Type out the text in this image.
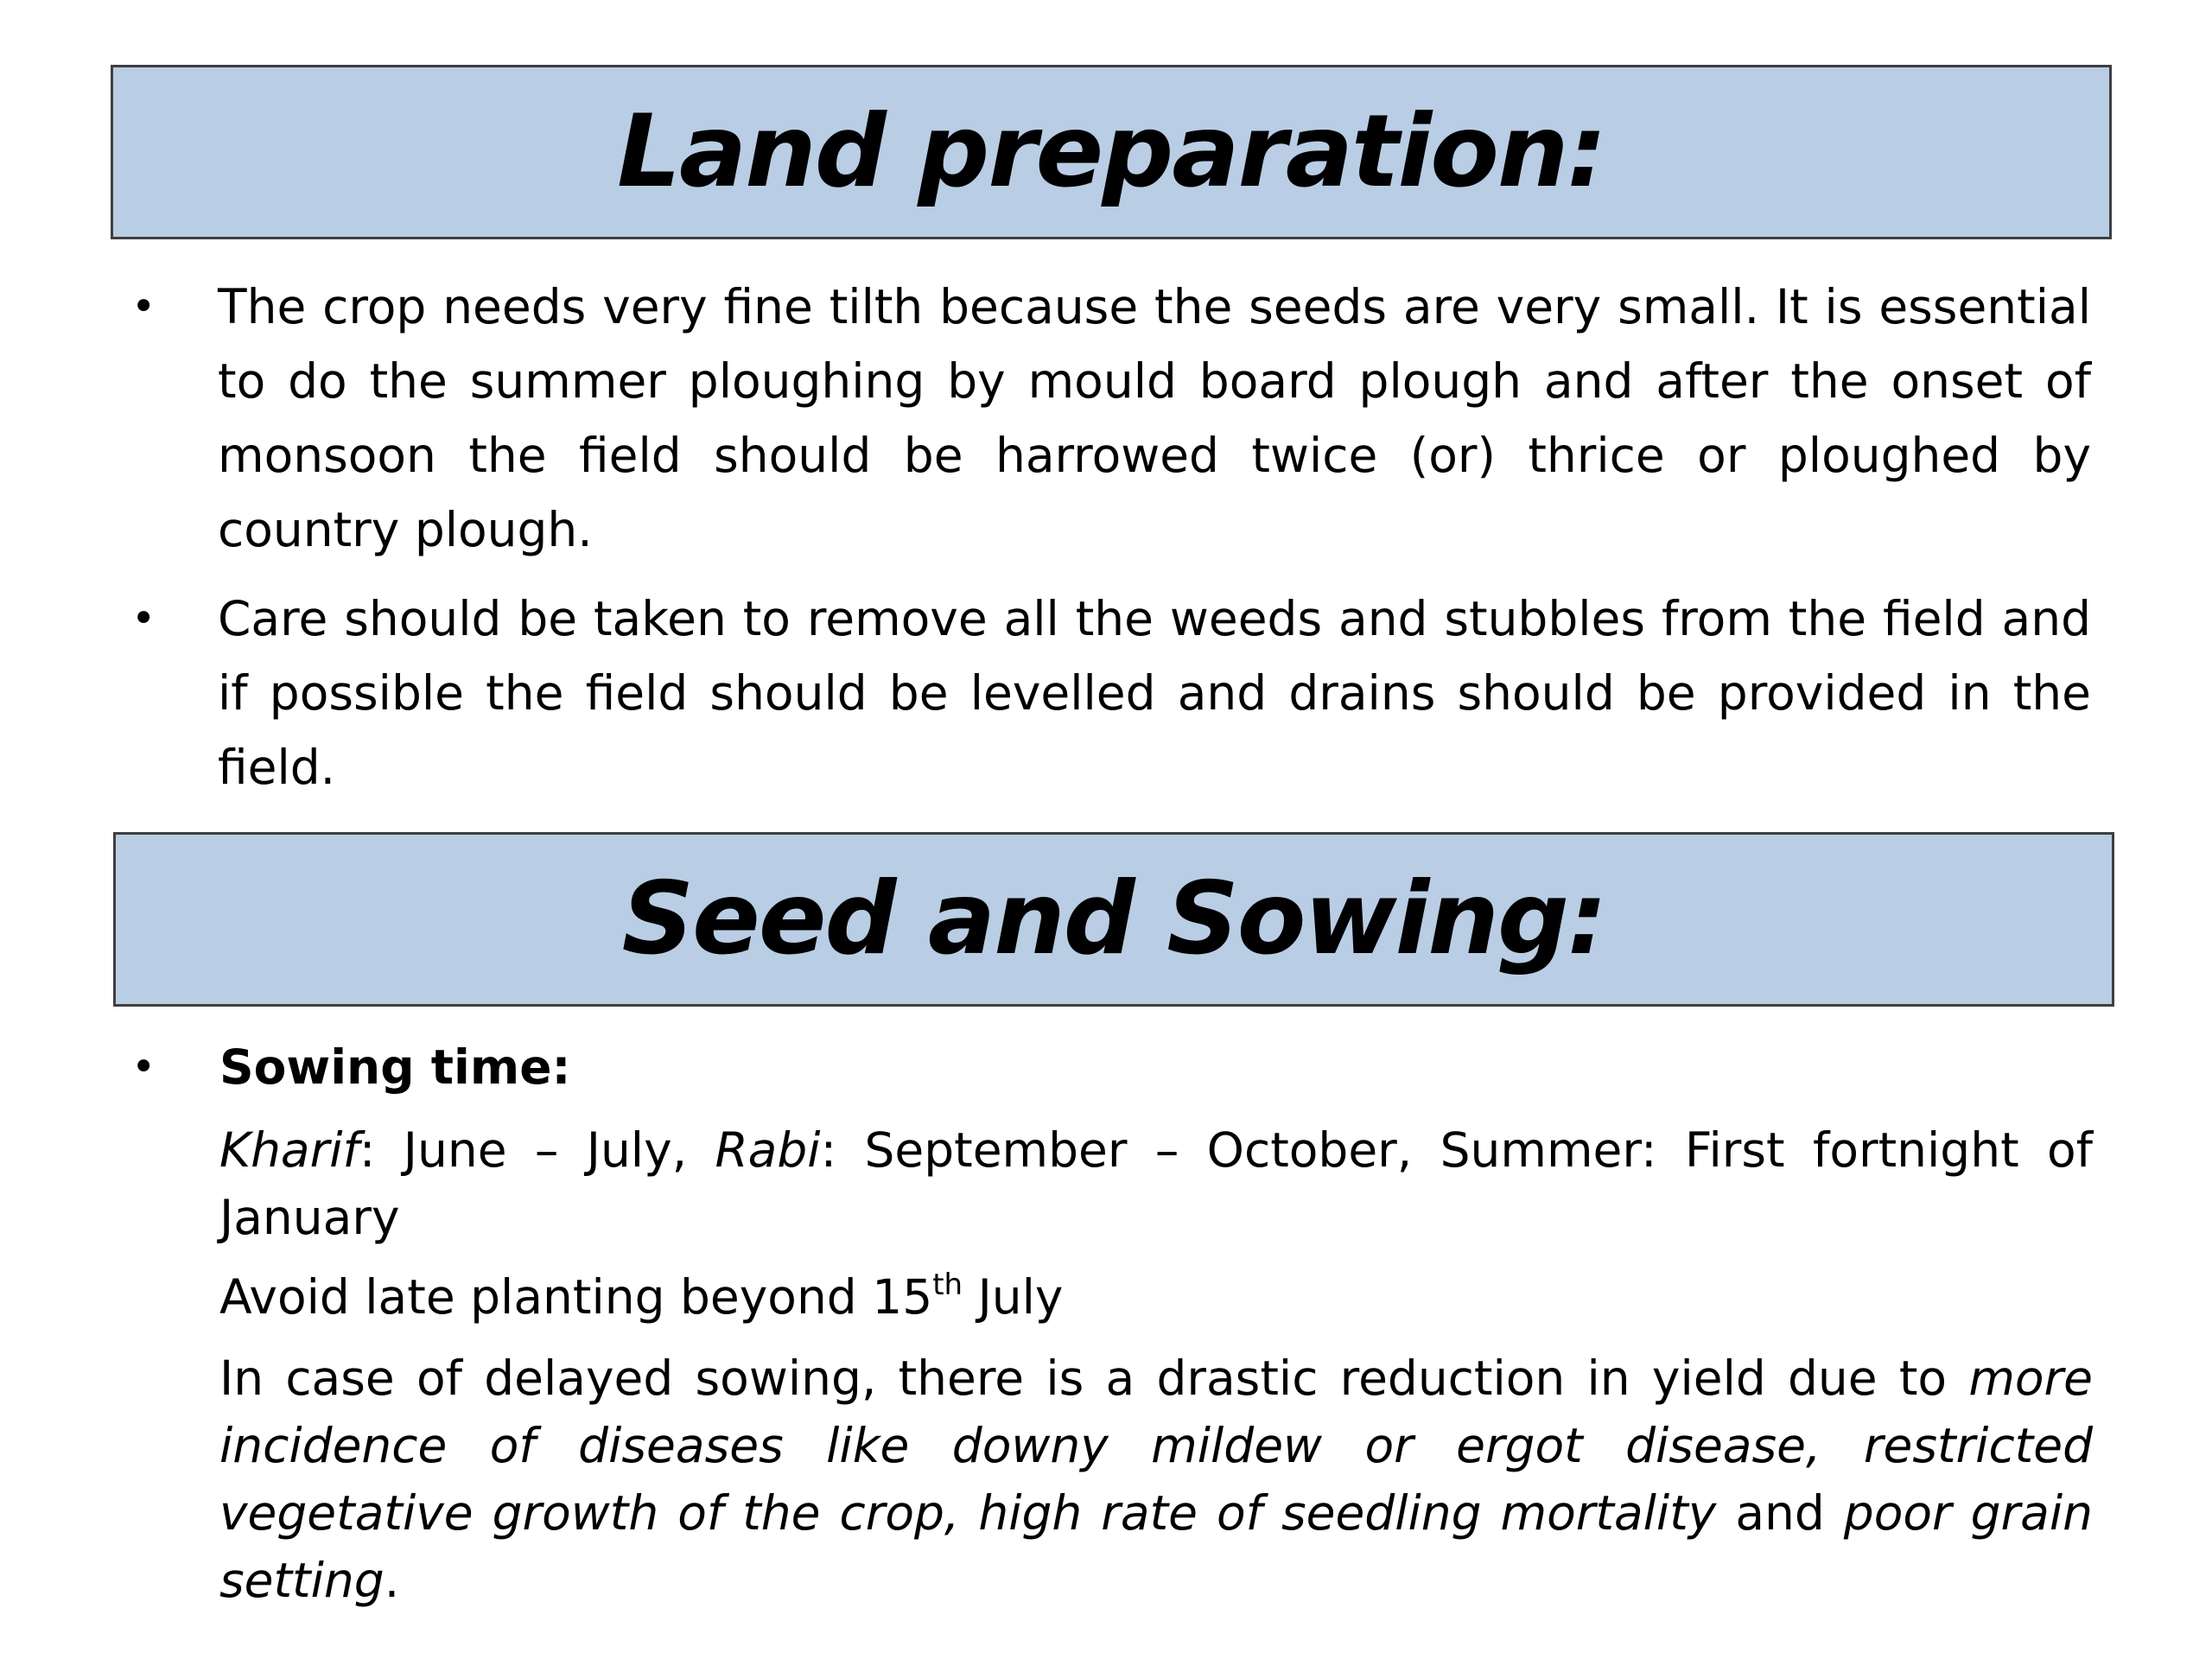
Land preparation:
• The crop needs very fine tilth because the seeds are very small. It is essential to do the summer ploughing by mould board plough and after the onset of monsoon the field should be harrowed twice (or) thrice or ploughed by country plough.
• Care should be taken to remove all the weeds and stubbles from the field and if possible the field should be levelled and drains should be provided in the field.
Seed and Sowing:
• Sowing time:
Kharif: June – July, Rabi: September – October, Summer: First fortnight of January
Avoid late planting beyond 15th July
In case of delayed sowing, there is a drastic reduction in yield due to more incidence of diseases like downy mildew or ergot disease, restricted vegetative growth of the crop, high rate of seedling mortality and poor grain setting.
